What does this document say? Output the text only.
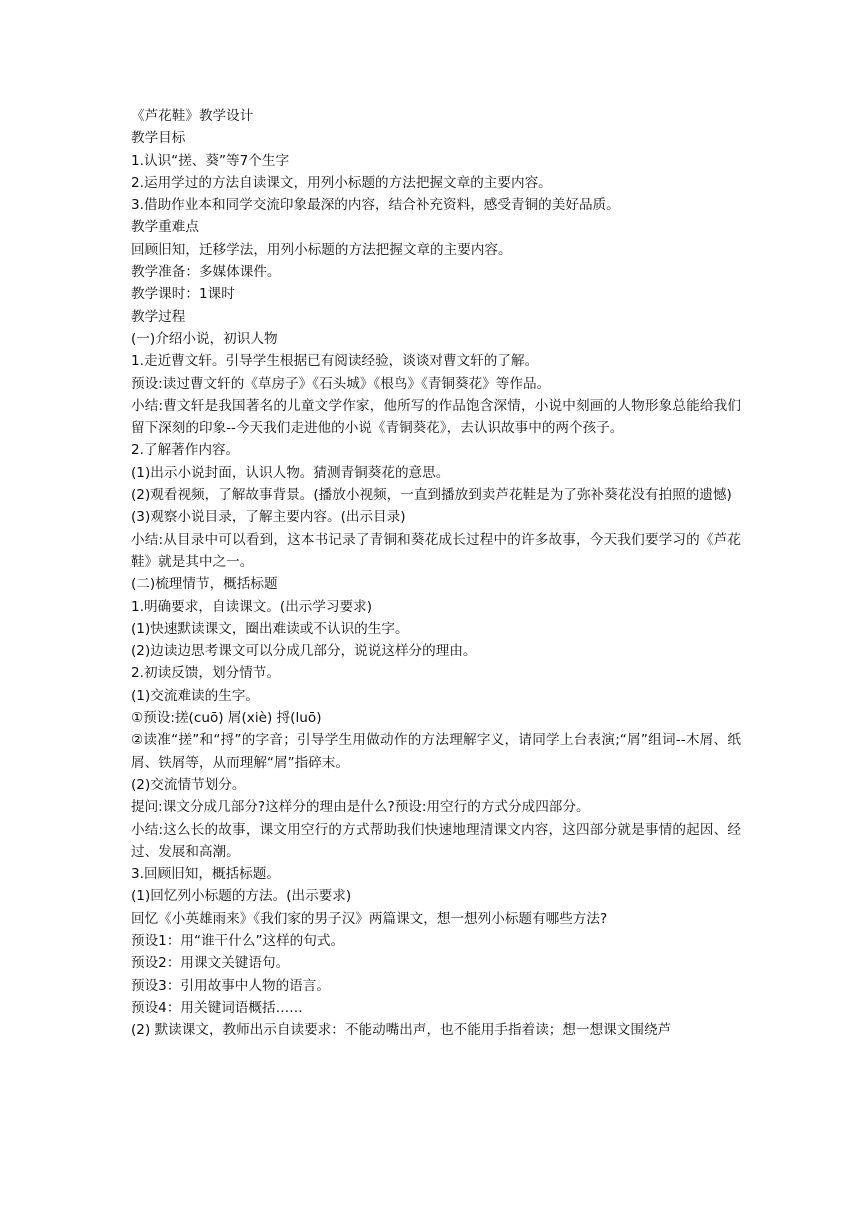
《芦花鞋》教学设计

教学目标

1.认识“搓、葵”等7个生字

2.运用学过的方法自读课文，用列小标题的方法把握文章的主要内容。

3.借助作业本和同学交流印象最深的内容，结合补充资料，感受青铜的美好品质。

教学重难点

回顾旧知，迁移学法，用列小标题的方法把握文章的主要内容。

教学准备：多媒体课件。

教学课时：1课时

教学过程

(一)介绍小说，初识人物

1.走近曹文轩。引导学生根据已有阅读经验，谈谈对曹文轩的了解。

预设:读过曹文轩的《草房子》《石头城》《根鸟》《青铜葵花》等作品。

小结:曹文轩是我国著名的儿童文学作家，他所写的作品饱含深情，小说中刻画的人物形象总能给我们留下深刻的印象--今天我们走进他的小说《青铜葵花》，去认识故事中的两个孩子。

2.了解著作内容。

(1)出示小说封面，认识人物。猜测青铜葵花的意思。

(2)观看视频，了解故事背景。(播放小视频，一直到播放到卖芦花鞋是为了弥补葵花没有拍照的遗憾)

(3)观察小说目录，了解主要内容。(出示目录)

小结:从目录中可以看到，这本书记录了青铜和葵花成长过程中的许多故事，今天我们要学习的《芦花鞋》就是其中之一。

(二)梳理情节，概括标题

1.明确要求，自读课文。(出示学习要求)

(1)快速默读课文，圈出难读或不认识的生字。

(2)边读边思考课文可以分成几部分，说说这样分的理由。

2.初读反馈，划分情节。

(1)交流难读的生字。

①预设:搓(cuō) 屑(xiè) 捋(luō)

②读准“搓”和“捋”的字音；引导学生用做动作的方法理解字义，请同学上台表演;“屑”组词--木屑、纸屑、铁屑等，从而理解“屑”指碎末。

(2)交流情节划分。

提问:课文分成几部分?这样分的理由是什么?预设:用空行的方式分成四部分。

小结:这么长的故事，课文用空行的方式帮助我们快速地理清课文内容，这四部分就是事情的起因、经过、发展和高潮。

3.回顾旧知，概括标题。

(1)回忆列小标题的方法。(出示要求)

回忆《小英雄雨来》《我们家的男子汉》两篇课文，想一想列小标题有哪些方法?

预设1：用“谁干什么”这样的句式。

预设2：用课文关键语句。

预设3：引用故事中人物的语言。

预设4：用关键词语概括……

(2) 默读课文，教师出示自读要求：不能动嘴出声，也不能用手指着读；想一想课文围绕芦
